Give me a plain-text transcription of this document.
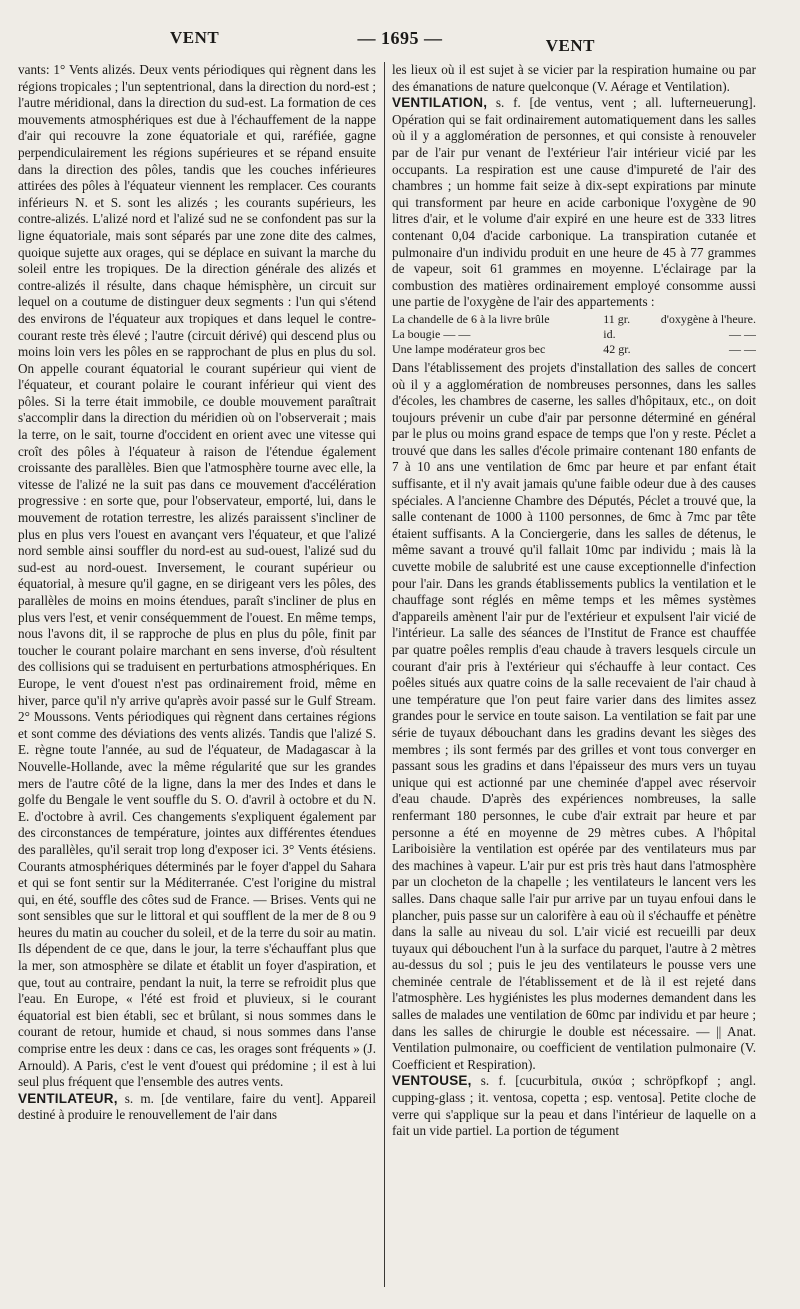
VENT	— 1695 —	VENT

vants: 1° Vents alizés. Deux vents périodiques qui règnent dans les régions tropicales ; l'un septentrional, dans la direction du nord-est ; l'autre méridional, dans la direction du sud-est. La formation de ces mouvements atmosphériques est due à l'échauffement de la nappe d'air qui recouvre la zone équatoriale et qui, raréfiée, gagne perpendiculairement les régions supérieures et se répand ensuite dans la direction des pôles, tandis que les couches inférieures attirées des pôles à l'équateur viennent les remplacer. Ces courants inférieurs N. et S. sont les alizés ; les courants supérieurs, les contre-alizés. L'alizé nord et l'alizé sud ne se confondent pas sur la ligne équatoriale, mais sont séparés par une zone dite des calmes, quoique sujette aux orages, qui se déplace en suivant la marche du soleil entre les tropiques. De la direction générale des alizés et contre-alizés il résulte, dans chaque hémisphère, un circuit sur lequel on a coutume de distinguer deux segments : l'un qui s'étend des environs de l'équateur aux tropiques et dans lequel le contre-courant reste très élevé ; l'autre (circuit dérivé) qui descend plus ou moins loin vers les pôles en se rapprochant de plus en plus du sol. On appelle courant équatorial le courant supérieur qui vient de l'équateur, et courant polaire le courant inférieur qui vient des pôles. Si la terre était immobile, ce double mouvement paraîtrait s'accomplir dans la direction du méridien où on l'observerait ; mais la terre, on le sait, tourne d'occident en orient avec une vitesse qui croît des pôles à l'équateur à raison de l'étendue également croissante des parallèles. Bien que l'atmosphère tourne avec elle, la vitesse de l'alizé ne la suit pas dans ce mouvement d'accélération progressive : en sorte que, pour l'observateur, emporté, lui, dans le mouvement de rotation terrestre, les alizés paraissent s'incliner de plus en plus vers l'ouest en avançant vers l'équateur, et que l'alizé nord semble ainsi souffler du nord-est au sud-ouest, l'alizé sud du sud-est au nord-ouest. Inversement, le courant supérieur ou équatorial, à mesure qu'il gagne, en se dirigeant vers les pôles, des parallèles de moins en moins étendues, paraît s'incliner de plus en plus vers l'est, et venir conséquemment de l'ouest. En même temps, nous l'avons dit, il se rapproche de plus en plus du pôle, finit par toucher le courant polaire marchant en sens inverse, d'où résultent des collisions qui se traduisent en perturbations atmosphériques. En Europe, le vent d'ouest n'est pas ordinairement froid, même en hiver, parce qu'il n'y arrive qu'après avoir passé sur le Gulf Stream. 2° Moussons. Vents périodiques qui règnent dans certaines régions et sont comme des déviations des vents alizés. Tandis que l'alizé S. E. règne toute l'année, au sud de l'équateur, de Madagascar à la Nouvelle-Hollande, avec la même régularité que sur les grandes mers de l'autre côté de la ligne, dans la mer des Indes et dans le golfe du Bengale le vent souffle du S. O. d'avril à octobre et du N. E. d'octobre à avril. Ces changements s'expliquent également par des circonstances de température, jointes aux différentes étendues des parallèles, qu'il serait trop long d'exposer ici. 3° Vents étésiens. Courants atmosphériques déterminés par le foyer d'appel du Sahara et qui se font sentir sur la Méditerranée. C'est l'origine du mistral qui, en été, souffle des côtes sud de France. — Brises. Vents qui ne sont sensibles que sur le littoral et qui soufflent de la mer de 8 ou 9 heures du matin au coucher du soleil, et de la terre du soir au matin. Ils dépendent de ce que, dans le jour, la terre s'échauffant plus que la mer, son atmosphère se dilate et établit un foyer d'aspiration, et que, tout au contraire, pendant la nuit, la terre se refroidit plus que l'eau. En Europe, « l'été est froid et pluvieux, si le courant équatorial est bien établi, sec et brûlant, si nous sommes dans le courant de retour, humide et chaud, si nous sommes dans l'anse comprise entre les deux : dans ce cas, les orages sont fréquents » (J. Arnould). A Paris, c'est le vent d'ouest qui prédomine ; il est à lui seul plus fréquent que l'ensemble des autres vents.

VENTILATEUR, s. m. [de ventilare, faire du vent]. Appareil destiné à produire le renouvellement de l'air dans

les lieux où il est sujet à se vicier par la respiration humaine ou par des émanations de nature quelconque (V. Aérage et Ventilation).

VENTILATION, s. f. [de ventus, vent ; all. lufterneuerung]. Opération qui se fait ordinairement automatiquement dans les salles où il y a agglomération de personnes, et qui consiste à renouveler par de l'air pur venant de l'extérieur l'air intérieur vicié par les occupants. La respiration est une cause d'impureté de l'air des chambres ; un homme fait seize à dix-sept expirations par minute qui transforment par heure en acide carbonique l'oxygène de 90 litres d'air, et le volume d'air expiré en une heure est de 333 litres contenant 0,04 d'acide carbonique. La transpiration cutanée et pulmonaire d'un individu produit en une heure de 45 à 77 grammes de vapeur, soit 61 grammes en moyenne. L'éclairage par la combustion des matières ordinairement employé consomme aussi une partie de l'oxygène de l'air des appartements :

La chandelle de 6 à la livre brûle	11 gr.	d'oxygène à l'heure.
La bougie — —	id.	— —
Une lampe modérateur gros bec	42 gr.	— —

Dans l'établissement des projets d'installation des salles de concert où il y a agglomération de nombreuses personnes, dans les salles d'écoles, les chambres de caserne, les salles d'hôpitaux, etc., on doit toujours prévenir un cube d'air par personne déterminé en général par le plus ou moins grand espace de temps que l'on y reste. Péclet a trouvé que dans les salles d'école primaire contenant 180 enfants de 7 à 10 ans une ventilation de 6mc par heure et par enfant était suffisante, et il n'y avait jamais qu'une faible odeur due à des causes spéciales. A l'ancienne Chambre des Députés, Péclet a trouvé que, la salle contenant de 1000 à 1100 personnes, de 6mc à 7mc par tête étaient suffisants. A la Conciergerie, dans les salles de détenus, le même savant a trouvé qu'il fallait 10mc par individu ; mais là la cuvette mobile de salubrité est une cause exceptionnelle d'infection pour l'air. Dans les grands établissements publics la ventilation et le chauffage sont réglés en même temps et les mêmes systèmes d'appareils amènent l'air pur de l'extérieur et expulsent l'air vicié de l'intérieur. La salle des séances de l'Institut de France est chauffée par quatre poêles remplis d'eau chaude à travers lesquels circule un courant d'air pris à l'extérieur qui s'échauffe à leur contact. Ces poêles situés aux quatre coins de la salle recevaient de l'air chaud à une température que l'on peut faire varier dans des limites assez grandes pour le service en toute saison. La ventilation se fait par une série de tuyaux débouchant dans les gradins devant les sièges des membres ; ils sont fermés par des grilles et vont tous converger en passant sous les gradins et dans l'épaisseur des murs vers un tuyau unique qui est actionné par une cheminée d'appel avec réservoir d'eau chaude. D'après des expériences nombreuses, la salle renfermant 180 personnes, le cube d'air extrait par heure et par personne a été en moyenne de 29 mètres cubes. A l'hôpital Lariboisière la ventilation est opérée par des ventilateurs mus par des machines à vapeur. L'air pur est pris très haut dans l'atmosphère par un clocheton de la chapelle ; les ventilateurs le lancent vers les salles. Dans chaque salle l'air pur arrive par un tuyau enfoui dans le plancher, puis passe sur un calorifère à eau où il s'échauffe et pénètre dans la salle au niveau du sol. L'air vicié est recueilli par deux tuyaux qui débouchent l'un à la surface du parquet, l'autre à 2 mètres au-dessus du sol ; puis le jeu des ventilateurs le pousse vers une cheminée centrale de l'établissement et de là il est rejeté dans l'atmosphère. Les hygiénistes les plus modernes demandent dans les salles de malades une ventilation de 60mc par individu et par heure ; dans les salles de chirurgie le double est nécessaire. — || Anat. Ventilation pulmonaire, ou coefficient de ventilation pulmonaire (V. Coefficient et Respiration).

VENTOUSE, s. f. [cucurbitula, σικύα ; schröpfkopf ; angl. cupping-glass ; it. ventosa, copetta ; esp. ventosa]. Petite cloche de verre qui s'applique sur la peau et dans l'intérieur de laquelle on a fait un vide partiel. La portion de tégument
